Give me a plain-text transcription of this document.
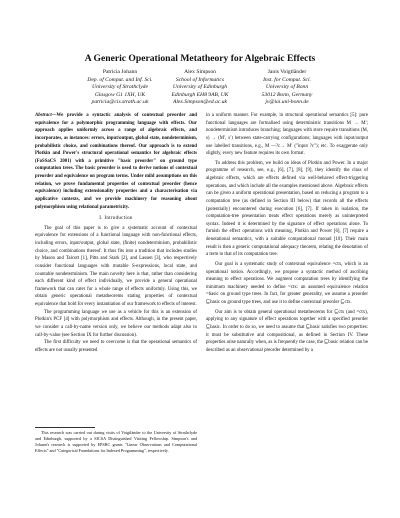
A Generic Operational Metatheory for Algebraic Effects
Patricia Johann
Dep. of Comput. and Inf. Sci.
University of Strathclyde
Glasgow G1 1XH, UK
patricia@cis.strath.ac.uk
Alex Simpson
School of Informatics
University of Edinburgh
Edinburgh EH8 9AB, UK
Alex.Simpson@ed.ac.uk
Janis Voigtländer
Inst. for Comput. Sci.
University of Bonn
53012 Bonn, Germany
jv@iai.uni-bonn.de

Abstract—We provide a syntactic analysis of contextual preorder and equivalence for a polymorphic programming language with effects. Our approach applies uniformly across a range of algebraic effects, and incorporates, as instances: errors, input/output, global state, nondeterminism, probabilistic choice, and combinations thereof. Our approach is to extend Plotkin and Power's structural operational semantics for algebraic effects (FoSSaCS 2001) with a primitive "basic preorder" on ground type computation trees. The basic preorder is used to derive notions of contextual preorder and equivalence on program terms. Under mild assumptions on this relation, we prove fundamental properties of contextual preorder (hence equivalence) including extensionality properties and a characterisation via applicative contexts, and we provide machinery for reasoning about polymorphism using relational parametricity.

I. Introduction

The goal of this paper is to give a systematic account of contextual equivalence for extensions of a functional language with non-functional effects, including errors, input/output, global state, (finite) nondeterminism, probabilistic choice, and combinations thereof. It thus fits into a tradition that includes studies by Mason and Talcott [1], Pitts and Stark [2], and Lassen [3], who respectively consider functional languages with mutable S-expressions, local state, and countable nondeterminism. The main novelty here is that, rather than considering each different kind of effect individually, we provide a general operational framework that can cater for a whole range of effects uniformly. Using this, we obtain generic operational metatheorems stating properties of contextual equivalence that hold for every instantiation of our framework to effects of interest.

The programming language we use as a vehicle for this is an extension of Plotkin's PCF [4] with polymorphism and effects. Although, in the present paper, we consider a call-by-name version only, we believe our methods adapt also to call-by-value (see Section IX for further discussion).

The first difficulty we need to overcome is that the operational semantics of effects are not usually presented

This research was carried out during visits of Voigtländer to the University of Strathclyde and Edinburgh, supported by a SICSA Distinguished Visiting Fellowship. Simpson's and Johann's research is supported by EPSRC grants "Linear Observations and Computational Effects" and "Categorical Foundations for Indexed Programming", respectively.

in a uniform manner. For example, in structural operational semantics [5]: pure functional languages are formalised using deterministic transitions M → M′; nondeterminism introduces branching; languages with store require transitions (M, s) → (M′, s′) between state-carrying configurations; languages with input/output use labelled transitions, e.g., M —?c→ M′ ("input ?c"); etc. To exaggerate only slightly, every new feature requires its own format.

To address this problem, we build on ideas of Plotkin and Power. In a major programme of research, see, e.g., [6], [7], [8], [9], they identify the class of algebraic effects, which are effects defined via well-behaved effect-triggering operations, and which include all the examples mentioned above. Algebraic effects can be given a uniform operational presentation, based on reducing a program to a computation tree (as defined in Section III below) that records all the effects (potentially) encountered during execution [6], [7]. If taken in isolation, the computation-tree presentation treats effect operations merely as uninterpreted syntax. Indeed it is determined by the signature of effect operations alone. To furnish the effect operations with meaning, Plotkin and Power [6], [7] require a denotational semantics, with a suitable computational monad [10]. Their main result is then a generic computational adequacy theorem, relating the denotation of a term to that of its computation tree.

Our goal is a systematic study of contextual equivalence =ctx, which is an operational notion. Accordingly, we propose a syntactic method of ascribing meaning to effect operations. We augment computation trees by identifying the minimum machinery needed to define =ctx: an assumed equivalence relation =basic on ground type trees. In fact, for greater generality, we assume a preorder ⊑basic on ground type trees, and use it to define contextual preorder ⊑ctx.

Our aim is to obtain general operational metatheorems for ⊑ctx (and =ctx), applying to any signature of effect operations together with a specified preorder ⊑basic. In order to do so, we need to assume that ⊑basic satisfies two properties: it must be substitutive and compositional, as defined in Section IV. These properties arise naturally when, as is frequently the case, the ⊑basic relation can be described as an observational preorder determined by a
